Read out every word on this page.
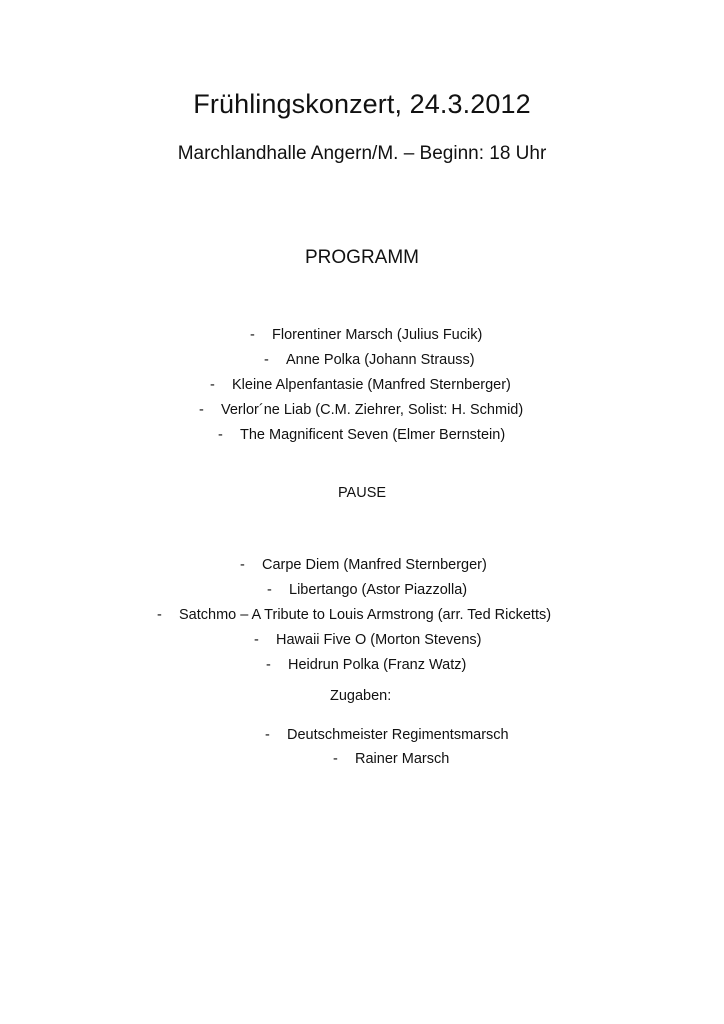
Frühlingskonzert, 24.3.2012
Marchlandhalle Angern/M. – Beginn: 18 Uhr
PROGRAMM
- Florentiner Marsch (Julius Fucik)
- Anne Polka (Johann Strauss)
- Kleine Alpenfantasie (Manfred Sternberger)
- Verlor´ne Liab (C.M. Ziehrer, Solist: H. Schmid)
- The Magnificent Seven (Elmer Bernstein)
PAUSE
- Carpe Diem (Manfred Sternberger)
- Libertango (Astor Piazzolla)
- Satchmo – A Tribute to Louis Armstrong (arr. Ted Ricketts)
- Hawaii Five O (Morton Stevens)
- Heidrun Polka (Franz Watz)
Zugaben:
- Deutschmeister Regimentsmarsch
- Rainer Marsch
